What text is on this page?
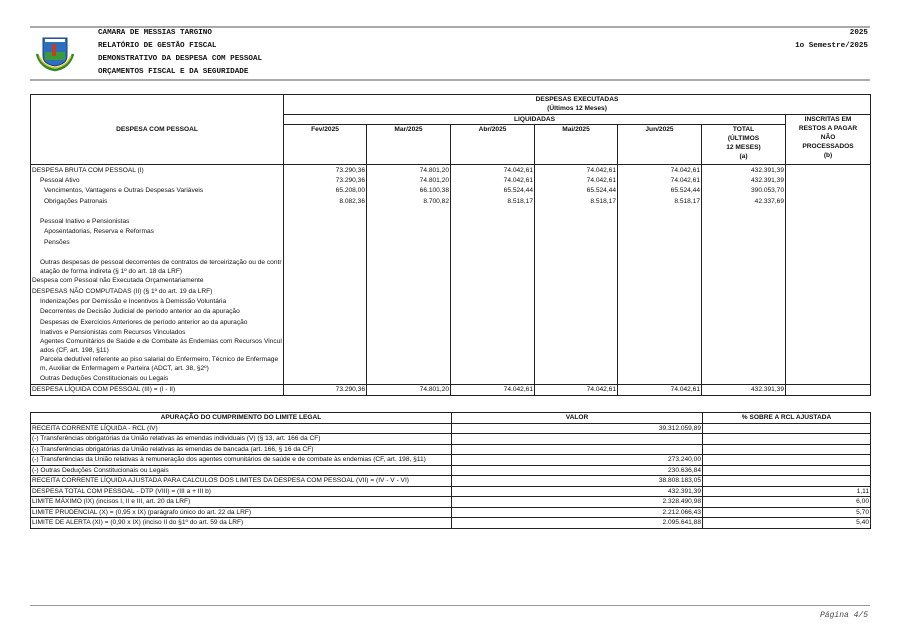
CAMARA DE MESSIAS TARGINO
RELATÓRIO DE GESTÃO FISCAL
DEMONSTRATIVO DA DESPESA COM PESSOAL
ORÇAMENTOS FISCAL E DA SEGURIDADE
2025
1o Semestre/2025
DESPESA COM PESSOAL	DESPESAS EXECUTADAS
(Últimos 12 Meses)						

	LIQUIDADAS						INSCRITAS EM
RESTOS A PAGAR
NÃO
PROCESSADOS
(b)

	Fev/2025	Mar/2025	Abr/2025	Mai/2025	Jun/2025	TOTAL
(ÚLTIMOS
12 MESES)
(a)	

DESPESA BRUTA COM PESSOAL (I)	73.290,36	74.801,20	74.042,61	74.042,61	74.042,61	432.391,39	
Pessoal Ativo	73.290,36	74.801,20	74.042,61	74.042,61	74.042,61	432.391,39	
Vencimentos, Vantagens e Outras Despesas Variáveis	65.208,00	66.100,38	65.524,44	65.524,44	65.524,44	390.053,70	
Obrigações Patronais	8.082,36	8.700,82	8.518,17	8.518,17	8.518,17	42.337,69	

Pessoal Inativo e Pensionistas							
Aposentadorias, Reserva e Reformas							
Pensões							

Outras despesas de pessoal decorrentes de contratos de terceirização ou de contratação de forma indireta (§ 1º do art. 18 da LRF)							
Despesa com Pessoal não Executada Orçamentariamente							
DESPESAS NÃO COMPUTADAS (II) (§ 1º do art. 19 da LRF)							
Indenizações por Demissão e Incentivos à Demissão Voluntária							
Decorrentes de Decisão Judicial de período anterior ao da apuração							
Despesas de Exercícios Anteriores de período anterior ao da apuração							
Inativos e Pensionistas com Recursos Vinculados							
Agentes Comunitários de Saúde e de Combate às Endemias com Recursos Vinculados (CF, art. 198, §11)							
Parcela dedutível referente ao piso salarial do Enfermeiro, Técnico de Enfermagem, Auxiliar de Enfermagem e Parteira (ADCT, art. 38, §2º)							
Outras Deduções Constitucionais ou Legais							
DESPESA LÍQUIDA COM PESSOAL (III) = (I - II)	73.290,36	74.801,20	74.042,61	74.042,61	74.042,61	432.391,39	
APURAÇÃO DO CUMPRIMENTO DO LIMITE LEGAL	VALOR	% SOBRE A RCL AJUSTADA
RECEITA CORRENTE LÍQUIDA - RCL (IV)	39.312.059,89	
(-) Transferências obrigatórias da União relativas às emendas individuais (V) (§ 13, art. 166 da CF)		
(-) Transferências obrigatórias da União relativas às emendas de bancada (art. 166, § 16 da CF)		
(-) Transferências da União relativas à remuneração dos agentes comunitários de saúde e de combate às endemias (CF, art. 198, §11)	273.240,00	
(-) Outras Deduções Constitucionais ou Legais	230.636,84	
RECEITA CORRENTE LÍQUIDA AJUSTADA PARA CALCULOS DOS LIMITES DA DESPESA COM PESSOAL (VII) = (IV - V - VI)	38.808.183,05	
DESPESA TOTAL COM PESSOAL - DTP (VIII) = (III a + III b)	432.391,39	1,11
LIMITE MÁXIMO (IX) (incisos I, II e III, art. 20 da LRF)	2.328.490,98	6,00
LIMITE PRUDENCIAL (X) = (0,95 x IX) (parágrafo único do art. 22 da LRF)	2.212.066,43	5,70
LIMITE DE ALERTA (XI) = (0,90 x IX) (inciso II do §1º do art. 59 da LRF)	2.095.641,88	5,40
Página 4/5
